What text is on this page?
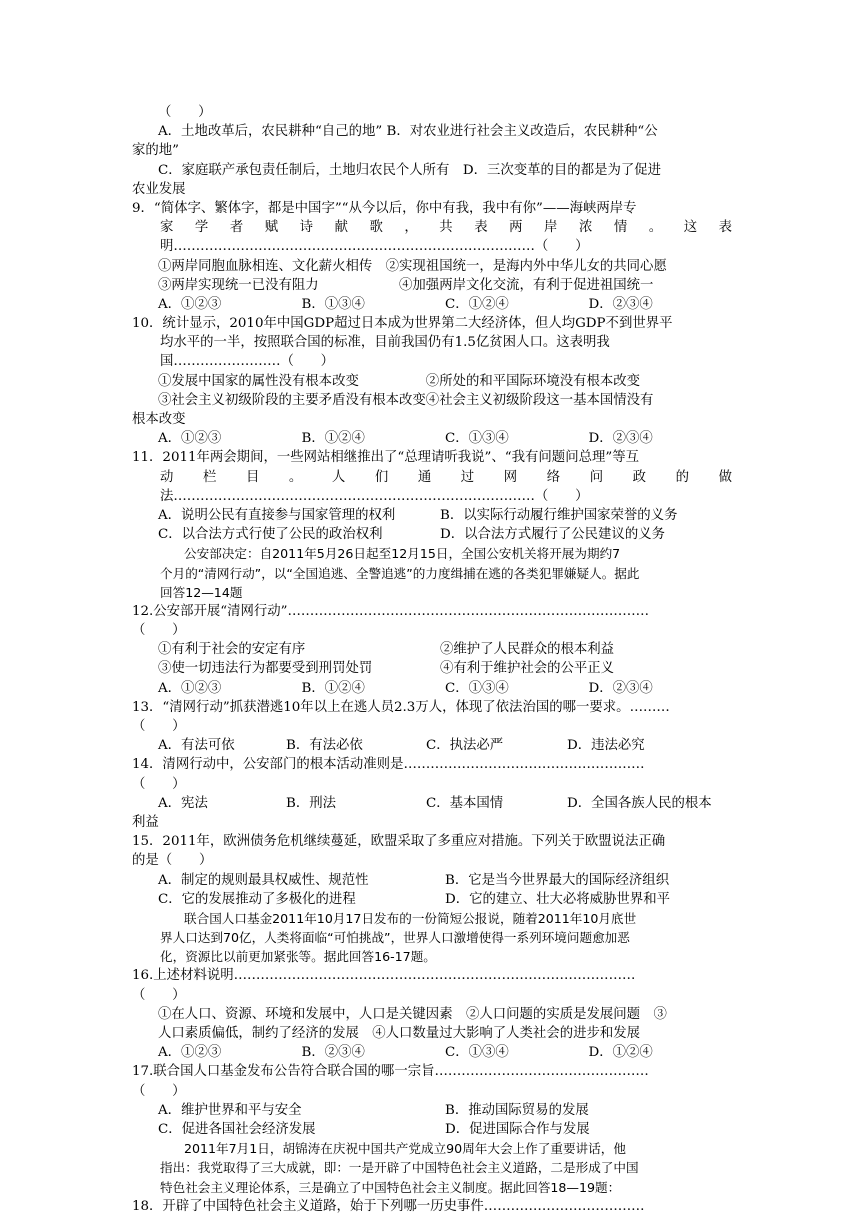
（　　）
A．土地改革后，农民耕种“自己的地” B．对农业进行社会主义改造后，农民耕种“公
家的地”
C．家庭联产承包责任制后，土地归农民个人所有　D．三次变革的目的都是为了促进
农业发展
9．“简体字、繁体字，都是中国字”“从今以后，你中有我，我中有你”——海峡两岸专
家 学 者 赋 诗 献 歌 ， 共 表 两 岸 浓 情 。 这 表
明………………………………………………………………………（　　）
①两岸同胞血脉相连、文化薪火相传　②实现祖国统一，是海内外中华儿女的共同心愿
③两岸实现统一已没有阻力　　　　　　④加强两岸文化交流，有利于促进祖国统一
A．①②③	B．①③④	C．①②④	D．②③④
10．统计显示，2010年中国GDP超过日本成为世界第二大经济体，但人均GDP不到世界平
均水平的一半，按照联合国的标准，目前我国仍有1.5亿贫困人口。这表明我
国……………………（　　）
①发展中国家的属性没有根本改变　　　　　②所处的和平国际环境没有根本改变
③社会主义初级阶段的主要矛盾没有根本改变④社会主义初级阶段这一基本国情没有
根本改变
A．①②③	B．①②④	C．①③④	D．②③④
11．2011年两会期间，一些网站相继推出了“总理请听我说”、“我有问题问总理”等互
动 栏 目 。 人 们 通 过 网 络 问 政 的 做
法………………………………………………………………………（　　）
A．说明公民有直接参与国家管理的权利	B．以实际行动履行维护国家荣誉的义务
C．以合法方式行使了公民的政治权利	D．以合法方式履行了公民建议的义务
公安部决定：自2011年5月26日起至12月15日，全国公安机关将开展为期约7
个月的“清网行动”，以“全国追逃、全警追逃”的力度缉捕在逃的各类犯罪嫌疑人。据此
回答12—14题
12.公安部开展“清网行动”………………………………………………………………………
（　　）
①有利于社会的安定有序	②维护了人民群众的根本利益
③使一切违法行为都要受到刑罚处罚	④有利于维护社会的公平正义
A．①②③	B．①②④	C．①③④	D．②③④
13．“清网行动”抓获潜逃10年以上在逃人员2.3万人，体现了依法治国的哪一要求。………
（　　）
A．有法可依	B．有法必依	C．执法必严	D．违法必究
14．清网行动中，公安部门的根本活动准则是………………………………………………
（　　）
A．宪法	B．刑法	C．基本国情	D．全国各族人民的根本
利益
15．2011年，欧洲债务危机继续蔓延，欧盟采取了多重应对措施。下列关于欧盟说法正确
的是（　　）
A．制定的规则最具权威性、规范性	B．它是当今世界最大的国际经济组织
C．它的发展推动了多极化的进程	D．它的建立、壮大必将威胁世界和平
联合国人口基金2011年10月17日发布的一份简短公报说，随着2011年10月底世
界人口达到70亿，人类将面临“可怕挑战”，世界人口激增使得一系列环境问题愈加恶
化，资源比以前更加紧张等。据此回答16-17题。
16.上述材料说明………………………………………………………………………………
（　　）
①在人口、资源、环境和发展中，人口是关键因素　②人口问题的实质是发展问题　③
人口素质偏低，制约了经济的发展　④人口数量过大影响了人类社会的进步和发展
A．①②③	B．②③④	C．①③④	D．①②④
17.联合国人口基金发布公告符合联合国的哪一宗旨…………………………………………
（　　）
A．维护世界和平与安全	B．推动国际贸易的发展
C．促进各国社会经济发展	D．促进国际合作与发展
2011年7月1日，胡锦涛在庆祝中国共产党成立90周年大会上作了重要讲话，他
指出：我党取得了三大成就，即：一是开辟了中国特色社会主义道路，二是形成了中国
特色社会主义理论体系，三是确立了中国特色社会主义制度。据此回答18—19题：
18．开辟了中国特色社会主义道路，始于下列哪一历史事件………………………………
